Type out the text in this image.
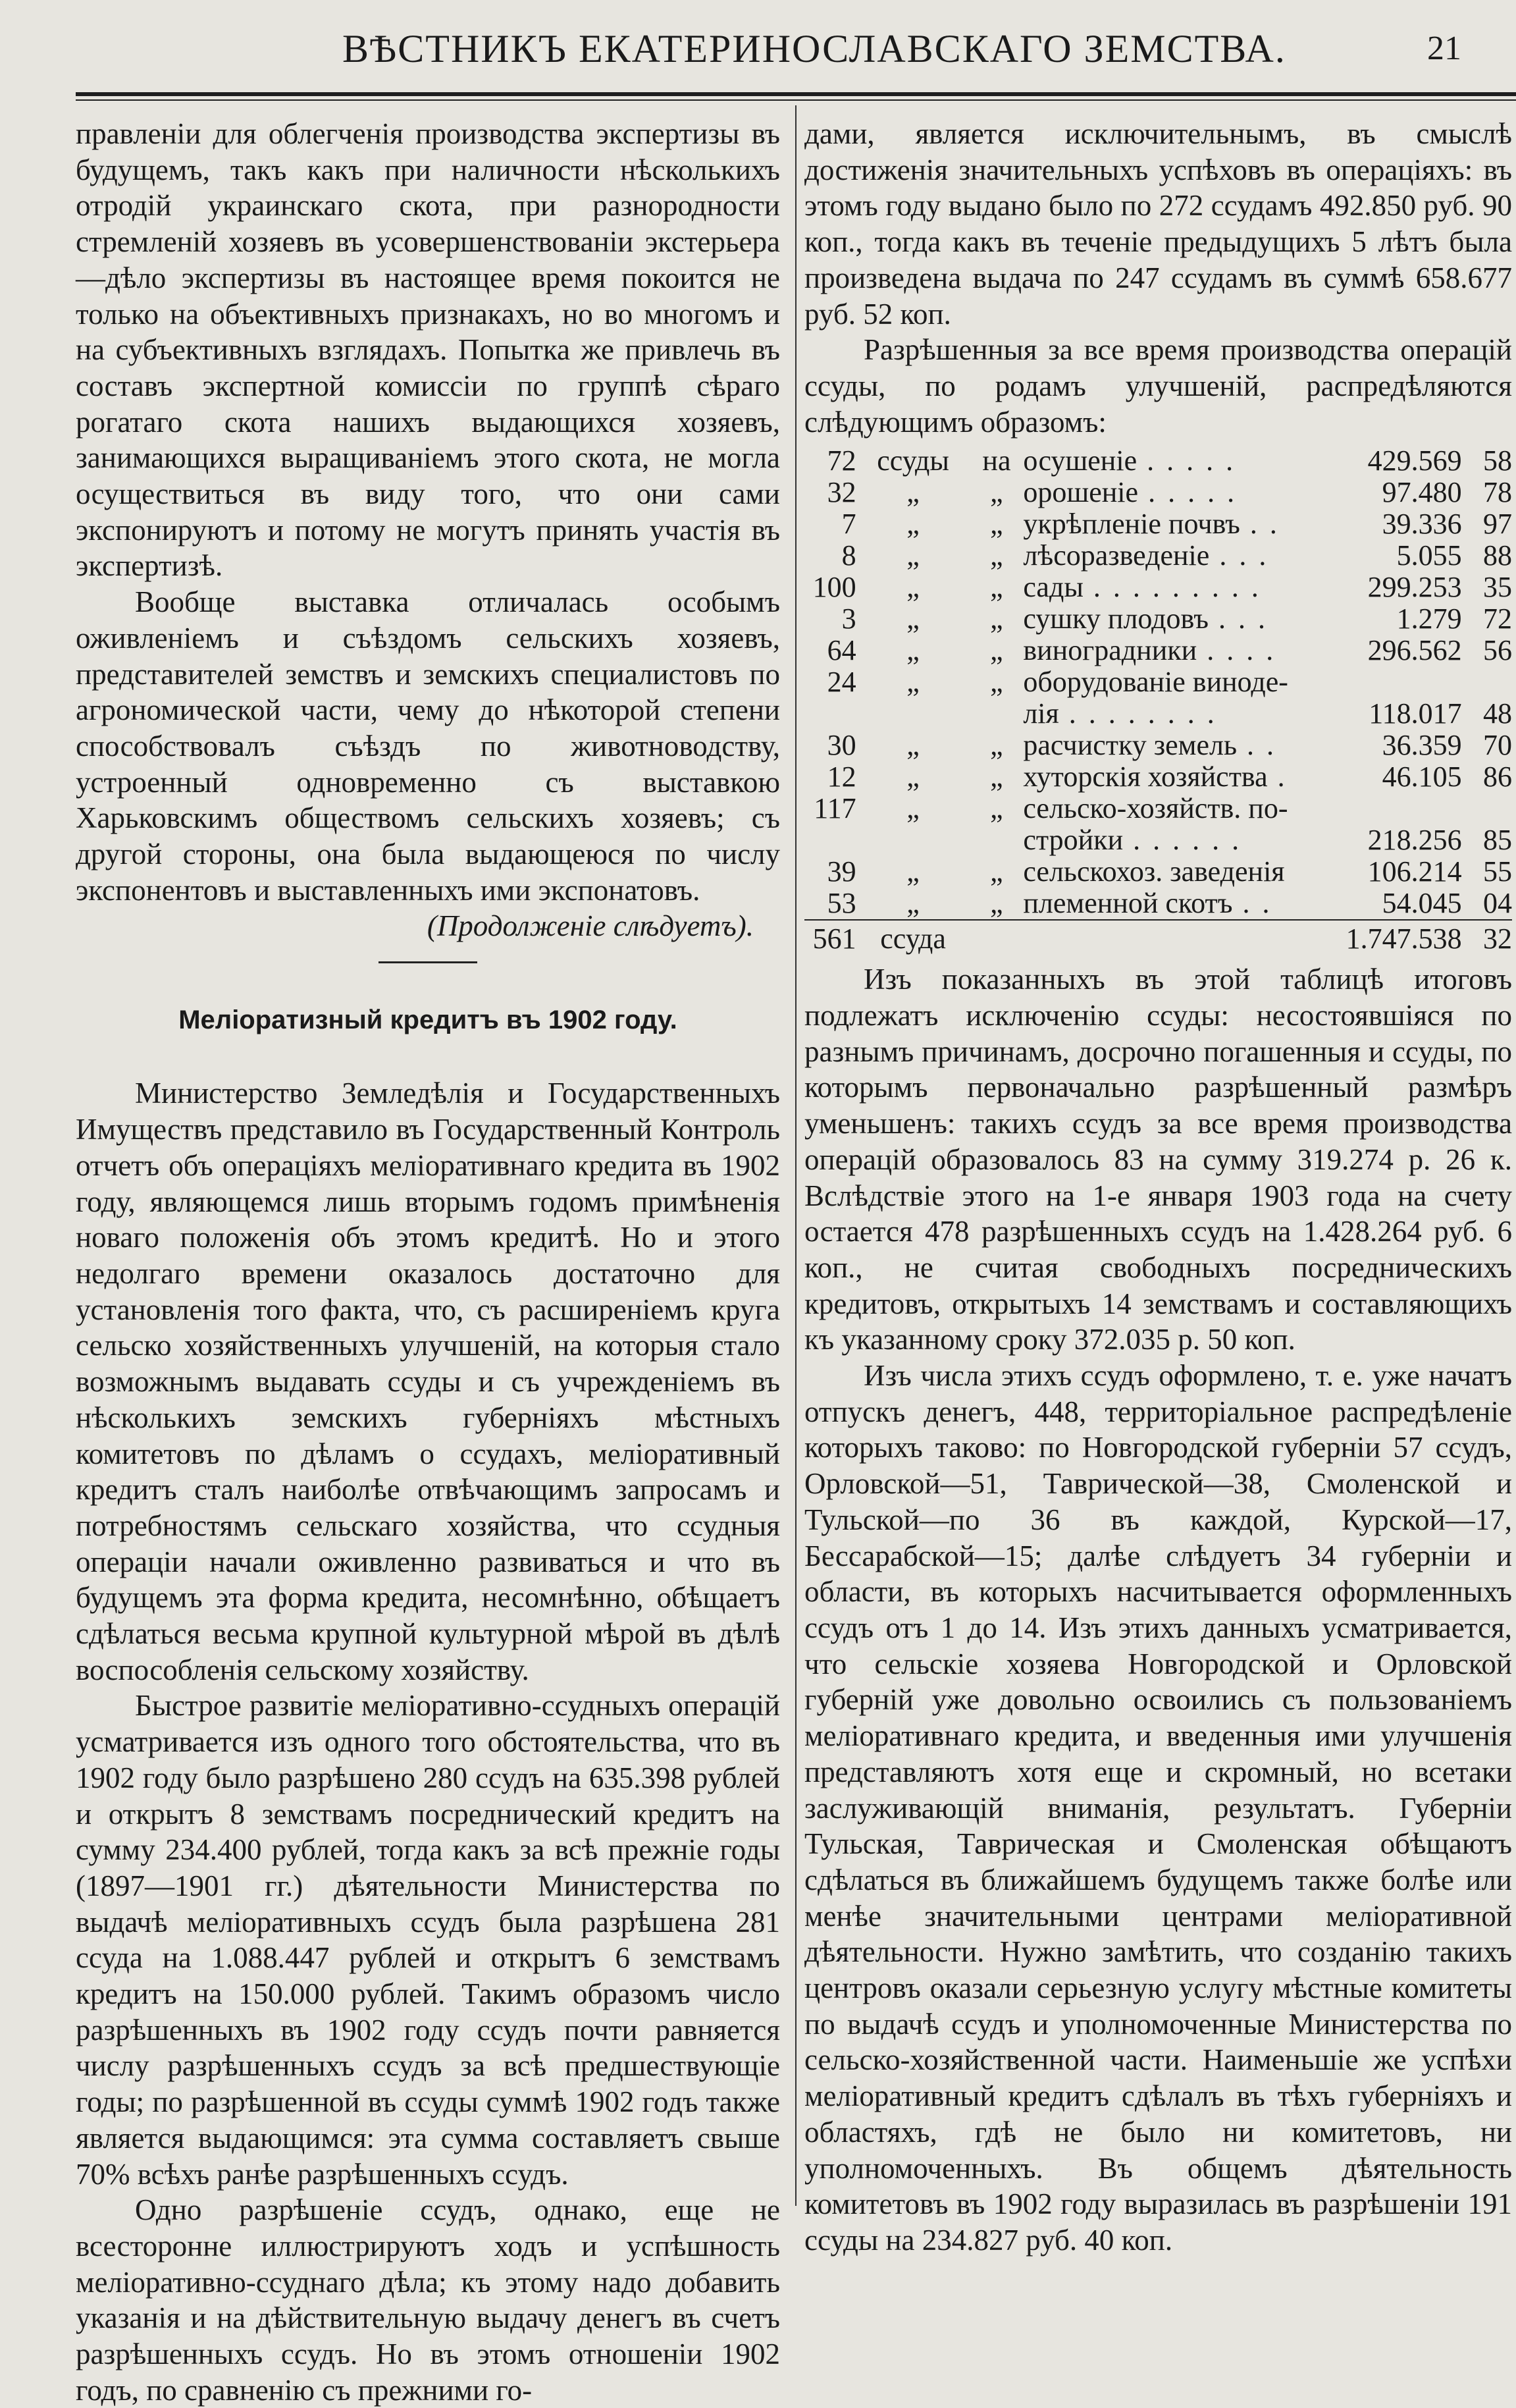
ВѢСТНИКЪ ЕКАТЕРИНОСЛАВСКАГО ЗЕМСТВА.	21

правленіи для облегченія производства экспертизы въ будущемъ, такъ какъ при наличности нѣсколькихъ отродій украинскаго скота, при разнородности стремленій хозяевъ въ усовершенствованіи экстерьера—дѣло экспертизы въ настоящее время покоится не только на объективныхъ признакахъ, но во многомъ и на субъективныхъ взглядахъ. Попытка же привлечь въ составъ экспертной комиссіи по группѣ сѣраго рогатаго скота нашихъ выдающихся хозяевъ, занимающихся выращиваніемъ этого скота, не могла осуществиться въ виду того, что они сами экспонируютъ и потому не могутъ принять участія въ экспертизѣ.

Вообще выставка отличалась особымъ оживленіемъ и съѣздомъ сельскихъ хозяевъ, представителей земствъ и земскихъ специалистовъ по агрономической части, чему до нѣкоторой степени способствовалъ съѣздъ по животноводству, устроенный одновременно съ выставкою Харьковскимъ обществомъ сельскихъ хозяевъ; съ другой стороны, она была выдающеюся по числу экспонентовъ и выставленныхъ ими экспонатовъ.

(Продолженіе слѣдуетъ).
Меліоратизный кредитъ въ 1902 году.

Министерство Земледѣлія и Государственныхъ Имуществъ представило въ Государственный Контроль отчетъ объ операціяхъ меліоративнаго кредита въ 1902 году, являющемся лишь вторымъ годомъ примѣненія новаго положенія объ этомъ кредитѣ. Но и этого недолгаго времени оказалось достаточно для установленія того факта, что, съ расширеніемъ круга сельско хозяйственныхъ улучшеній, на которыя стало возможнымъ выдавать ссуды и съ учрежденіемъ въ нѣсколькихъ земскихъ губерніяхъ мѣстныхъ комитетовъ по дѣламъ о ссудахъ, меліоративный кредитъ сталъ наиболѣе отвѣчающимъ запросамъ и потребностямъ сельскаго хозяйства, что ссудныя операціи начали оживленно развиваться и что въ будущемъ эта форма кредита, несомнѣнно, обѣщаетъ сдѣлаться весьма крупной культурной мѣрой въ дѣлѣ воспособленія сельскому хозяйству.

Быстрое развитіе меліоративно-ссудныхъ операцій усматривается изъ одного того обстоятельства, что въ 1902 году было разрѣшено 280 ссудъ на 635.398 рублей и открытъ 8 земствамъ посреднический кредитъ на сумму 234.400 рублей, тогда какъ за всѣ прежніе годы (1897—1901 гг.) дѣятельности Министерства по выдачѣ меліоративныхъ ссудъ была разрѣшена 281 ссуда на 1.088.447 рублей и открытъ 6 земствамъ кредитъ на 150.000 рублей. Такимъ образомъ число разрѣшенныхъ въ 1902 году ссудъ почти равняется числу разрѣшенныхъ ссудъ за всѣ предшествующіе годы; по разрѣшенной въ ссуды суммѣ 1902 годъ также является выдающимся: эта сумма составляетъ свыше 70% всѣхъ ранѣе разрѣшенныхъ ссудъ.

Одно разрѣшеніе ссудъ, однако, еще не всесторонне иллюстрируютъ ходъ и успѣшность меліоративно-ссуднаго дѣла; къ этому надо добавить указанія и на дѣйствительную выдачу денегъ въ счетъ разрѣшенныхъ ссудъ. Но въ этомъ отношеніи 1902 годъ, по сравненію съ прежними го-

дами, является исключительнымъ, въ смыслѣ достиженія значительныхъ успѣховъ въ операціяхъ: въ этомъ году выдано было по 272 ссудамъ 492.850 руб. 90 коп., тогда какъ въ теченіе предыдущихъ 5 лѣтъ была произведена выдача по 247 ссудамъ въ суммѣ 658.677 руб. 52 коп.

Разрѣшенныя за все время производства операцій ссуды, по родамъ улучшеній, распредѣляются слѣдующимъ образомъ:

72	ссуды	на	осушеніе . . . . .	429.569	58
32	„	„	орошеніе . . . . .	97.480	78
7	„	„	укрѣпленіе почвъ . .	39.336	97
8	„	„	лѣсоразведеніе . . .	5.055	88
100	„	„	сады . . . . . . . . .	299.253	35
3	„	„	сушку плодовъ . . .	1.279	72
64	„	„	виноградники . . . .	296.562	56
24	„	„	оборудованіе виноде-		
			лія . . . . . . . .	118.017	48
30	„	„	расчистку земель . .	36.359	70
12	„	„	хуторскія хозяйства .	46.105	86
117	„	„	сельско-хозяйств. по-		
			стройки . . . . . .	218.256	85
39	„	„	сельскохоз. заведенія	106.214	55
53	„	„	племенной скотъ . .	54.045	04
561	ссуда			1.747.538	32

Изъ показанныхъ въ этой таблицѣ итоговъ подлежатъ исключенію ссуды: несостоявшіяся по разнымъ причинамъ, досрочно погашенныя и ссуды, по которымъ первоначально разрѣшенный размѣръ уменьшенъ: такихъ ссудъ за все время производства операцій образовалось 83 на сумму 319.274 р. 26 к. Вслѣдствіе этого на 1-е января 1903 года на счету остается 478 разрѣшенныхъ ссудъ на 1.428.264 руб. 6 коп., не считая свободныхъ посредническихъ кредитовъ, открытыхъ 14 земствамъ и составляющихъ къ указанному сроку 372.035 р. 50 коп.

Изъ числа этихъ ссудъ оформлено, т. е. уже начатъ отпускъ денегъ, 448, территоріальное распредѣленіе которыхъ таково: по Новгородской губерніи 57 ссудъ, Орловской—51, Таврической—38, Смоленской и Тульской—по 36 въ каждой, Курской—17, Бессарабской—15; далѣе слѣдуетъ 34 губерніи и области, въ которыхъ насчитывается оформленныхъ ссудъ отъ 1 до 14. Изъ этихъ данныхъ усматривается, что сельскіе хозяева Новгородской и Орловской губерній уже довольно освоились съ пользованіемъ меліоративнаго кредита, и введенныя ими улучшенія представляютъ хотя еще и скромный, но всетаки заслуживающій вниманія, результатъ. Губерніи Тульская, Таврическая и Смоленская обѣщаютъ сдѣлаться въ ближайшемъ будущемъ также болѣе или менѣе значительными центрами меліоративной дѣятельности. Нужно замѣтить, что созданію такихъ центровъ оказали серьезную услугу мѣстные комитеты по выдачѣ ссудъ и уполномоченные Министерства по сельско-хозяйственной части. Наименьшіе же успѣхи меліоративный кредитъ сдѣлалъ въ тѣхъ губерніяхъ и областяхъ, гдѣ не было ни комитетовъ, ни уполномоченныхъ. Въ общемъ дѣятельность комитетовъ въ 1902 году выразилась въ разрѣшеніи 191 ссуды на 234.827 руб. 40 коп.
